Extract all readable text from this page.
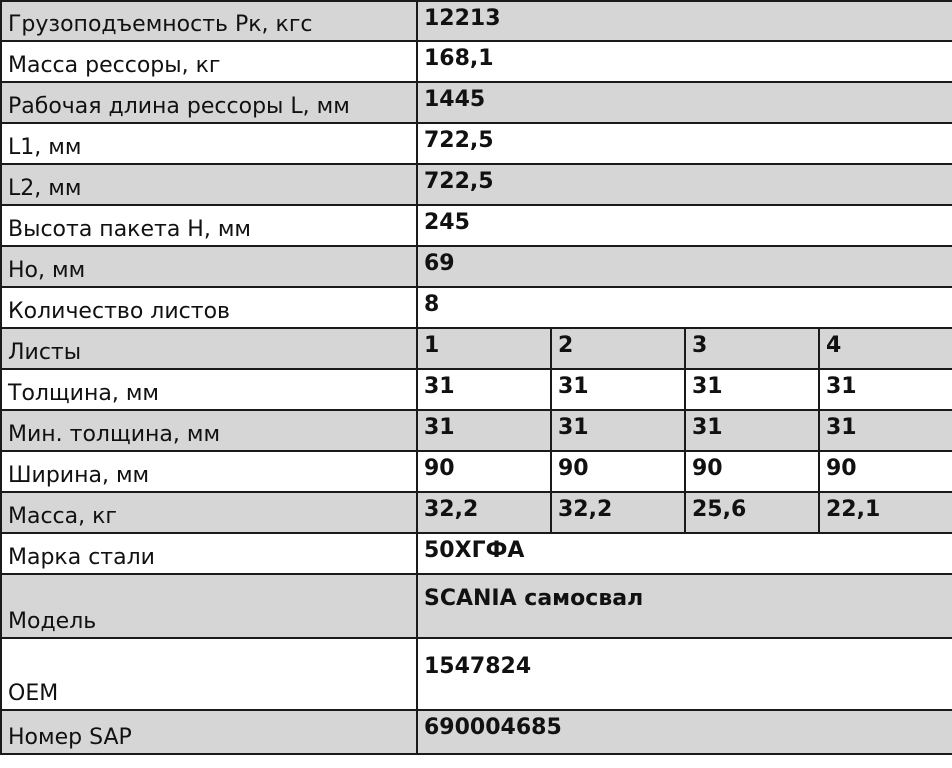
Грузоподъемность Pк, кгс	12213			
Масса рессоры, кг	168,1			
Рабочая длина рессоры L, мм	1445			
L1, мм	722,5			
L2, мм	722,5			
Высота пакета H, мм	245			
Ho, мм	69			
Количество листов	8			
Листы	1	2	3	4
Толщина, мм	31	31	31	31
Мин. толщина, мм	31	31	31	31
Ширина, мм	90	90	90	90
Масса, кг	32,2	32,2	25,6	22,1
Марка стали	50ХГФА			
Модель	SCANIA самосвал			
OEM	1547824			
Номер SAP	690004685			
